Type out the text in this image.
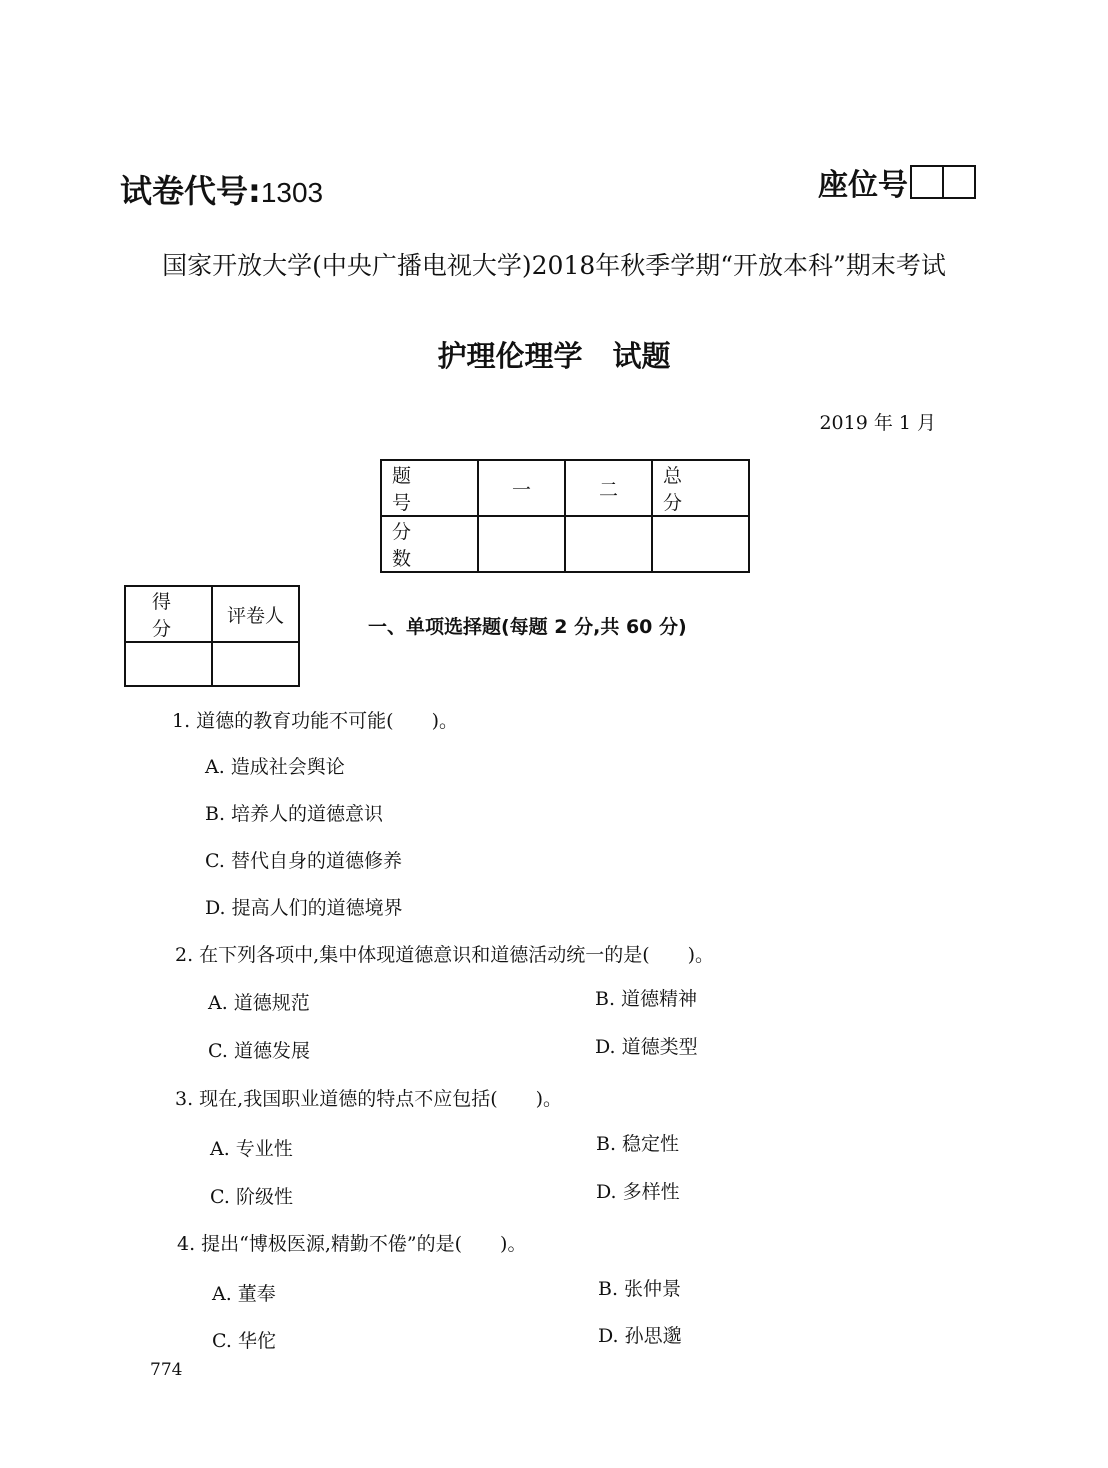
试卷代号:1303	座位号
国家开放大学(中央广播电视大学)2018年秋季学期“开放本科”期末考试
护理伦理学 试题
2019 年 1 月
题 号	一	二	总 分
分 数			
得 分	评卷人

一、单项选择题(每题 2 分,共 60 分)
1. 道德的教育功能不可能(　　)。
A. 造成社会舆论
B. 培养人的道德意识
C. 替代自身的道德修养
D. 提高人们的道德境界
2. 在下列各项中,集中体现道德意识和道德活动统一的是(　　)。
A. 道德规范	B. 道德精神
C. 道德发展	D. 道德类型
3. 现在,我国职业道德的特点不应包括(　　)。
A. 专业性	B. 稳定性
C. 阶级性	D. 多样性
4. 提出“博极医源,精勤不倦”的是(　　)。
A. 董奉	B. 张仲景
C. 华佗	D. 孙思邈
774
